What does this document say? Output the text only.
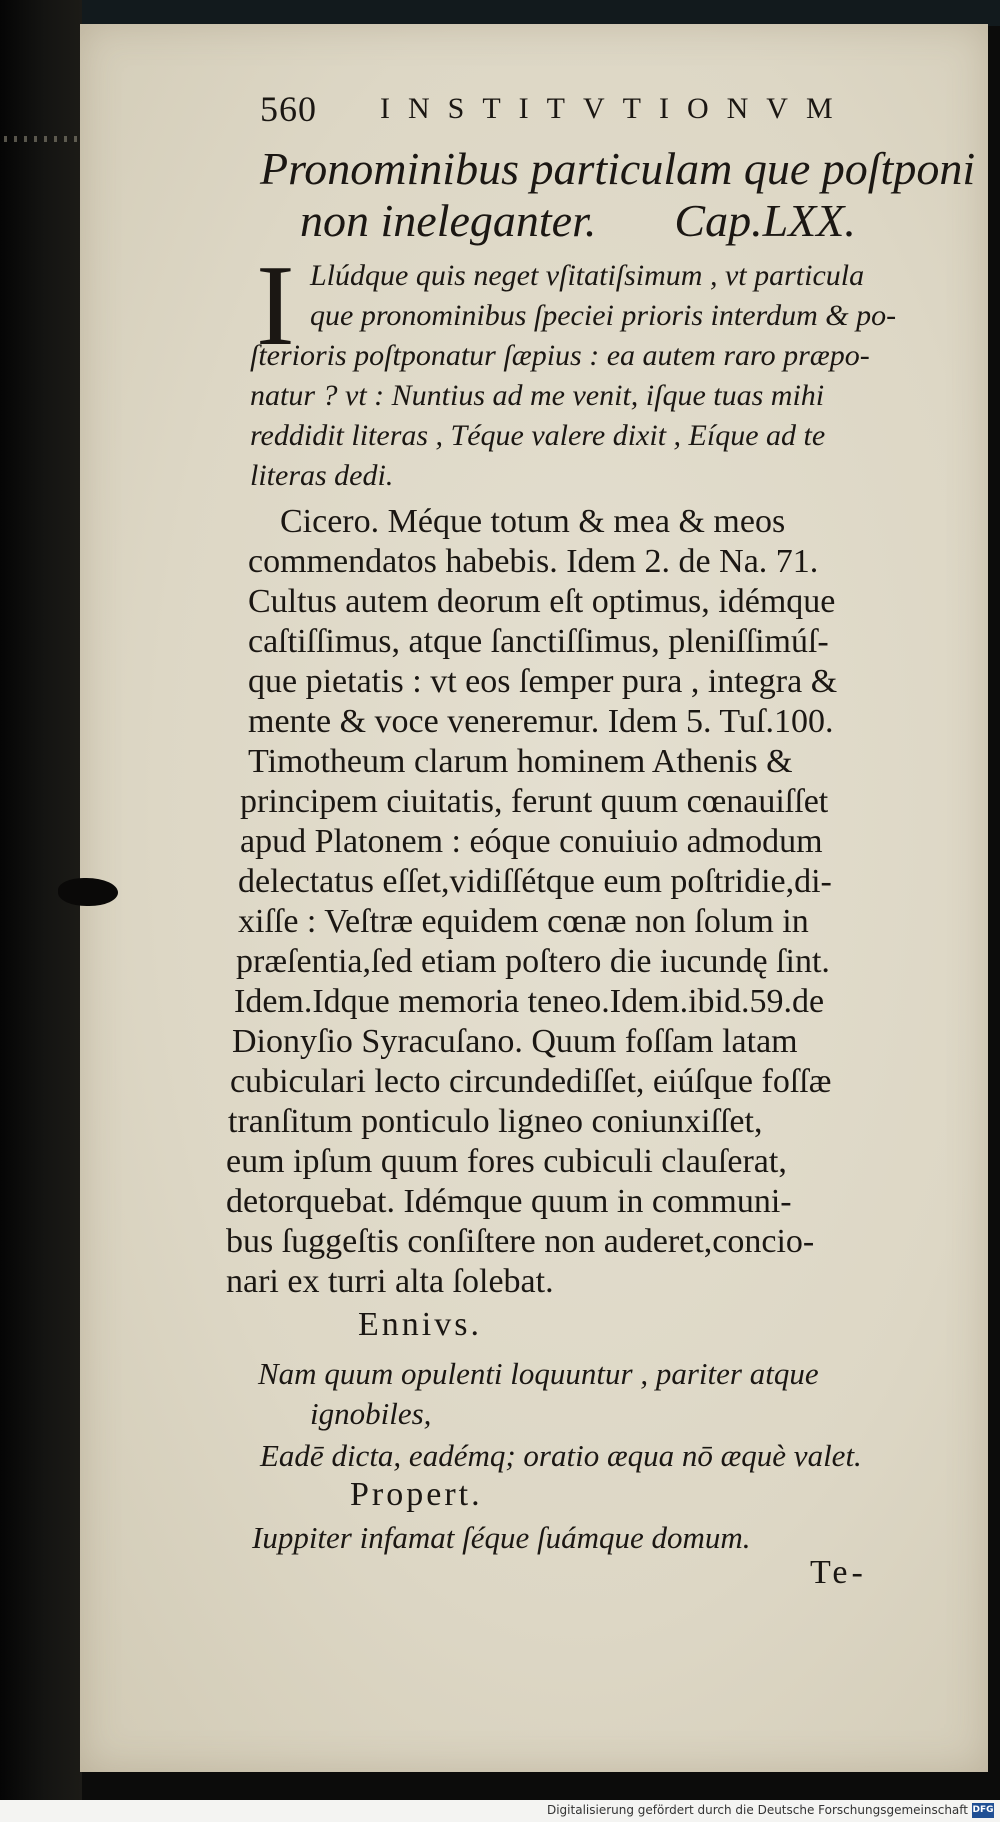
560 INSTITVTIONVM
Pronominibus particulam que poſtponi
non ineleganter. Cap.LXX.
I Llúdque quis neget vſitatiſsimum , vt particula
que pronominibus ſpeciei prioris interdum & po-
ſterioris poſtponatur ſæpius : ea autem raro præpo-
natur ? vt : Nuntius ad me venit, iſque tuas mihi
reddidit literas , Téque valere dixit , Eíque ad te
literas dedi.
Cicero. Méque totum & mea & meos
commendatos habebis. Idem 2. de Na. 71.
Cultus autem deorum eſt optimus, idémque
caſtiſſimus, atque ſanctiſſimus, pleniſſimúſ-
que pietatis : vt eos ſemper pura , integra &
mente & voce veneremur. Idem 5. Tuſ.100.
Timotheum clarum hominem Athenis &
principem ciuitatis, ferunt quum cœnauiſſet
apud Platonem : eóque conuiuio admodum
delectatus eſſet,vidiſſétque eum poſtridie,di-
xiſſe : Veſtræ equidem cœnæ non ſolum in
præſentia,ſed etiam poſtero die iucundę ſint.
Idem.Idque memoria teneo.Idem.ibid.59.de
Dionyſio Syracuſano. Quum foſſam latam
cubiculari lecto circundediſſet, eiúſque foſſæ
tranſitum ponticulo ligneo coniunxiſſet,
eum ipſum quum fores cubiculi clauſerat,
detorquebat. Idémque quum in communi-
bus ſuggeſtis conſiſtere non auderet,concio-
nari ex turri alta ſolebat.
Ennivs.
Nam quum opulenti loquuntur , pariter atque
ignobiles,
Eadē dicta, eadémq; oratio æqua nō æquè valet.
Propert.
Iuppiter infamat ſéque ſuámque domum.
Te-
Digitalisierung gefördert durch die Deutsche Forschungsgemeinschaft DFG
